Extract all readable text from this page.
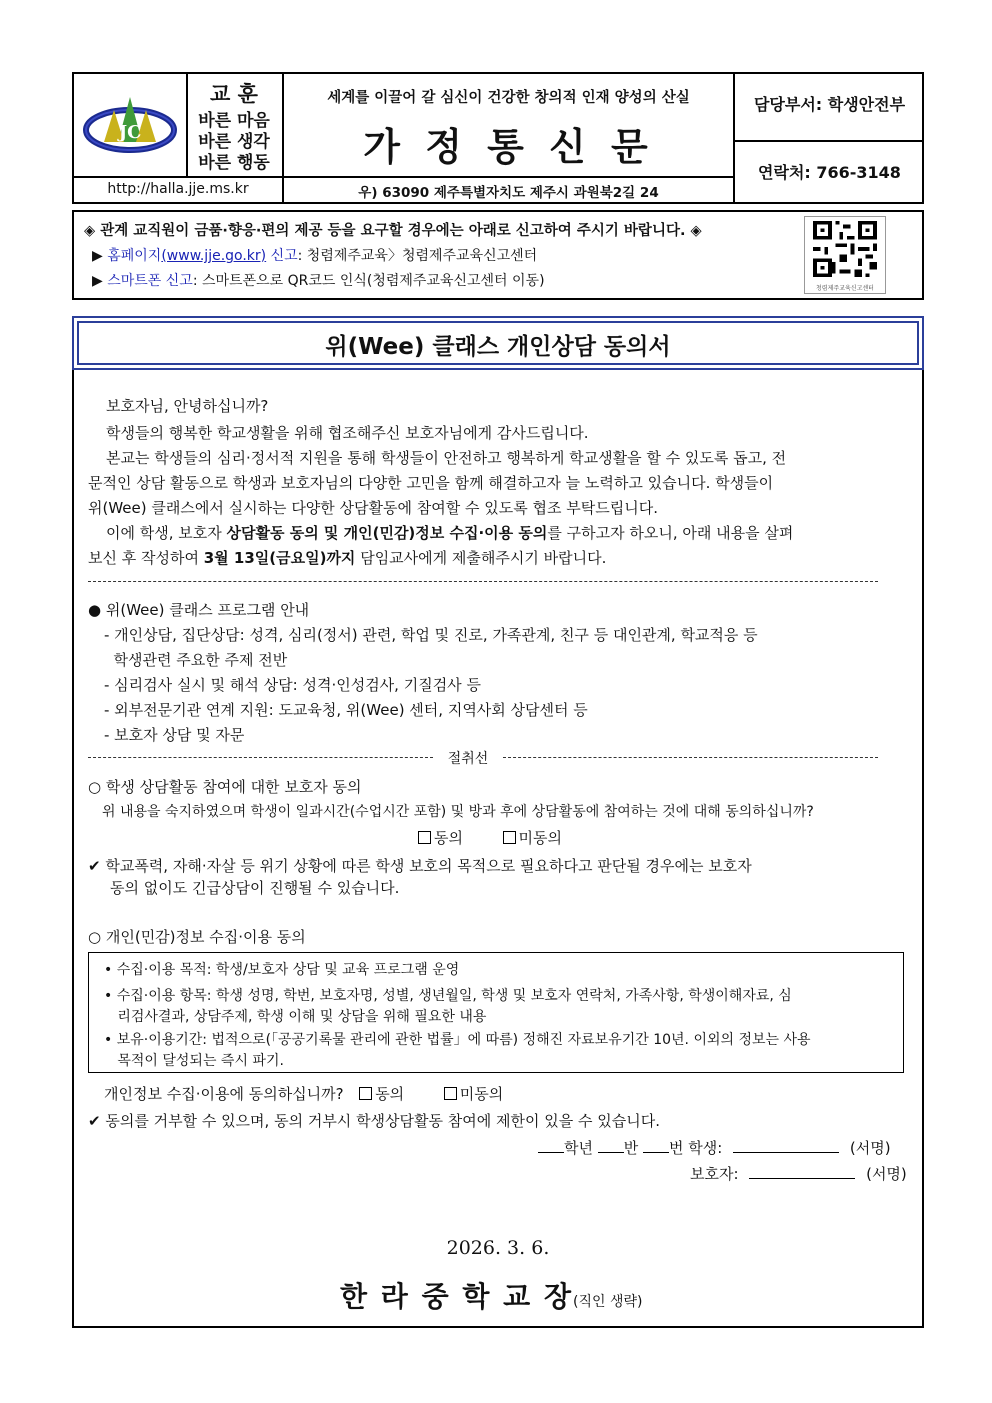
JC
교 훈
바른 마음
바른 생각
바른 행동
세계를 이끌어 갈 심신이 건강한 창의적 인재 양성의 산실
가 정 통 신 문
담당부서: 학생안전부
연락처: 766-3148
http://halla.jje.ms.kr	우) 63090 제주특별자치도 제주시 과원북2길 24
◈ 관계 교직원이 금품·향응·편의 제공 등을 요구할 경우에는 아래로 신고하여 주시기 바랍니다. ◈
▶ 홈페이지(www.jje.go.kr) 신고: 청렴제주교육〉청렴제주교육신고센터
▶ 스마트폰 신고: 스마트폰으로 QR코드 인식(청렴제주교육신고센터 이동)	청렴제주교육신고센터
위(Wee) 클래스 개인상담 동의서
보호자님, 안녕하십니까?
학생들의 행복한 학교생활을 위해 협조해주신 보호자님에게 감사드립니다.
본교는 학생들의 심리·정서적 지원을 통해 학생들이 안전하고 행복하게 학교생활을 할 수 있도록 돕고, 전
문적인 상담 활동으로 학생과 보호자님의 다양한 고민을 함께 해결하고자 늘 노력하고 있습니다. 학생들이
위(Wee) 클래스에서 실시하는 다양한 상담활동에 참여할 수 있도록 협조 부탁드립니다.
이에 학생, 보호자 상담활동 동의 및 개인(민감)정보 수집·이용 동의를 구하고자 하오니, 아래 내용을 살펴
보신 후 작성하여 3월 13일(금요일)까지 담임교사에게 제출해주시기 바랍니다.
● 위(Wee) 클래스 프로그램 안내
- 개인상담, 집단상담: 성격, 심리(정서) 관련, 학업 및 진로, 가족관계, 친구 등 대인관계, 학교적응 등
학생관련 주요한 주제 전반
- 심리검사 실시 및 해석 상담: 성격·인성검사, 기질검사 등
- 외부전문기관 연계 지원: 도교육청, 위(Wee) 센터, 지역사회 상담센터 등
- 보호자 상담 및 자문
절취선
○ 학생 상담활동 참여에 대한 보호자 동의
위 내용을 숙지하였으며 학생이 일과시간(수업시간 포함) 및 방과 후에 상담활동에 참여하는 것에 대해 동의하십니까?
동의	미동의
✔ 학교폭력, 자해·자살 등 위기 상황에 따른 학생 보호의 목적으로 필요하다고 판단될 경우에는 보호자
동의 없이도 긴급상담이 진행될 수 있습니다.
○ 개인(민감)정보 수집·이용 동의
• 수집·이용 목적: 학생/보호자 상담 및 교육 프로그램 운영
• 수집·이용 항목: 학생 성명, 학번, 보호자명, 성별, 생년월일, 학생 및 보호자 연락처, 가족사항, 학생이해자료, 심
리검사결과, 상담주제, 학생 이해 및 상담을 위해 필요한 내용
• 보유·이용기간: 법적으로(「공공기록물 관리에 관한 법률」에 따름) 정해진 자료보유기간 10년. 이외의 정보는 사용
목적이 달성되는 즉시 파기.
개인정보 수집·이용에 동의하십니까? 동의	미동의
✔ 동의를 거부할 수 있으며, 동의 거부시 학생상담활동 참여에 제한이 있을 수 있습니다.
학년 반 번 학생:	(서명)
보호자:	(서명)
2026. 3. 6.
한 라 중 학 교 장(직인 생략)
